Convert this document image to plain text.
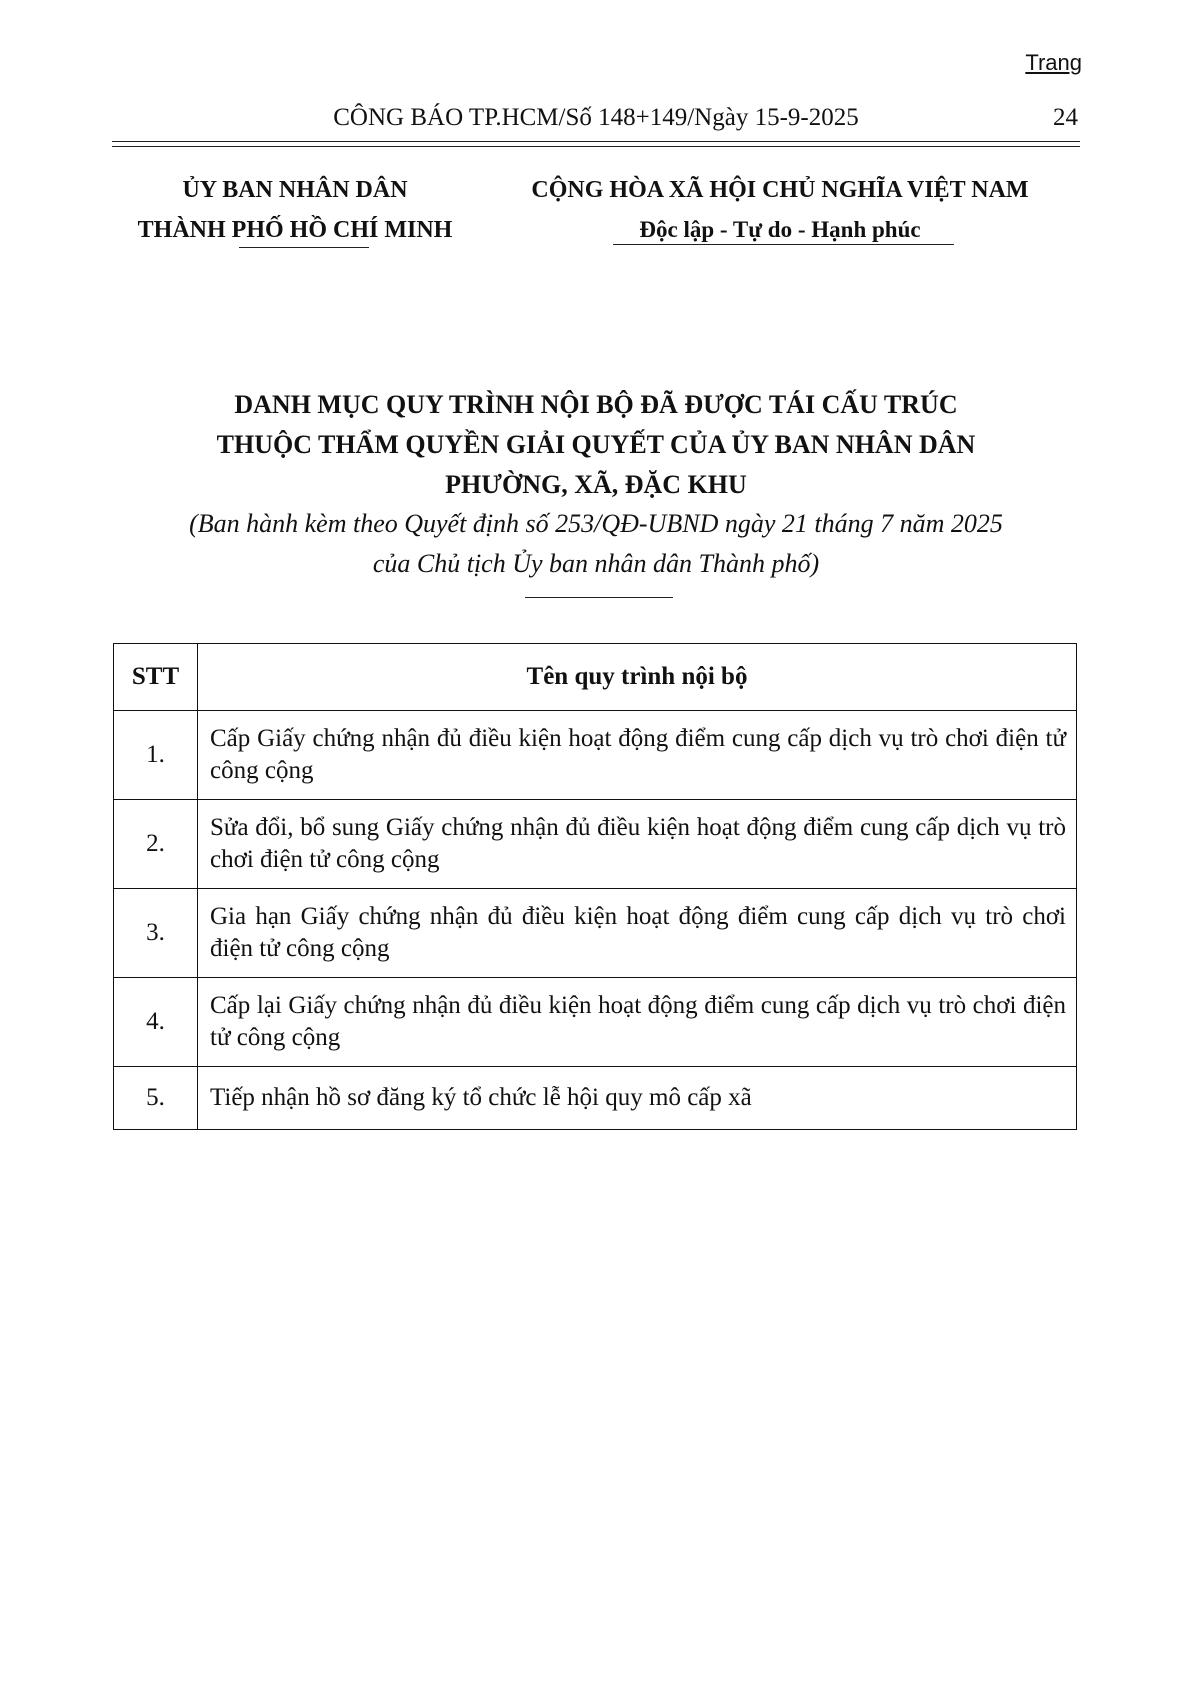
Trang
CÔNG BÁO TP.HCM/Số 148+149/Ngày 15-9-2025	24
ỦY BAN NHÂN DÂN
THÀNH PHỐ HỒ CHÍ MINH
CỘNG HÒA XÃ HỘI CHỦ NGHĨA VIỆT NAM
Độc lập - Tự do - Hạnh phúc
DANH MỤC QUY TRÌNH NỘI BỘ ĐÃ ĐƯỢC TÁI CẤU TRÚC
THUỘC THẨM QUYỀN GIẢI QUYẾT CỦA ỦY BAN NHÂN DÂN
PHƯỜNG, XÃ, ĐẶC KHU
(Ban hành kèm theo Quyết định số 253/QĐ-UBND ngày 21 tháng 7 năm 2025
của Chủ tịch Ủy ban nhân dân Thành phố)
STT	Tên quy trình nội bộ
1.	Cấp Giấy chứng nhận đủ điều kiện hoạt động điểm cung cấp dịch vụ trò chơi điện tử công cộng
2.	Sửa đổi, bổ sung Giấy chứng nhận đủ điều kiện hoạt động điểm cung cấp dịch vụ trò chơi điện tử công cộng
3.	Gia hạn Giấy chứng nhận đủ điều kiện hoạt động điểm cung cấp dịch vụ trò chơi điện tử công cộng
4.	Cấp lại Giấy chứng nhận đủ điều kiện hoạt động điểm cung cấp dịch vụ trò chơi điện tử công cộng
5.	Tiếp nhận hồ sơ đăng ký tổ chức lễ hội quy mô cấp xã
